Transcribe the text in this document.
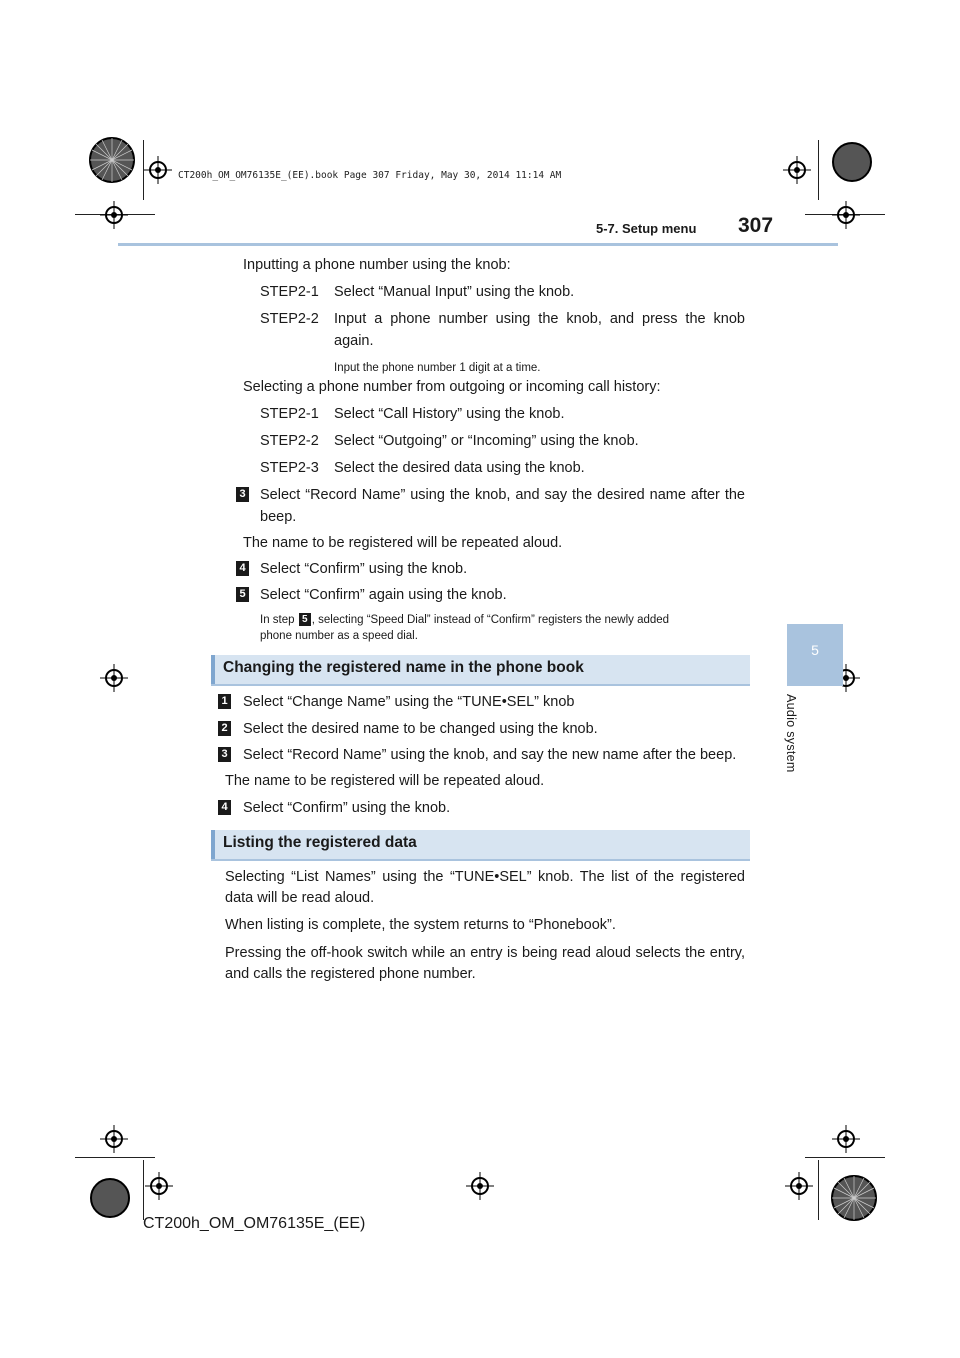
CT200h_OM_OM76135E_(EE).book Page 307 Friday, May 30, 2014 11:14 AM
5-7. Setup menu 307
5
Audio system
Inputting a phone number using the knob:
STEP2-1 Select “Manual Input” using the knob.
STEP2-2 Input a phone number using the knob, and press the knob
again.
Input the phone number 1 digit at a time.
Selecting a phone number from outgoing or incoming call history:
STEP2-1 Select “Call History” using the knob.
STEP2-2 Select “Outgoing” or “Incoming” using the knob.
STEP2-3 Select the desired data using the knob.
3 Select “Record Name” using the knob, and say the desired name after the
beep.
The name to be registered will be repeated aloud.
4 Select “Confirm” using the knob.
5 Select “Confirm” again using the knob.
In step 5 , selecting “Speed Dial” instead of “Confirm” registers the newly added
phone number as a speed dial.
Changing the registered name in the phone book
1 Select “Change Name” using the “TUNE•SEL” knob
2 Select the desired name to be changed using the knob.
3 Select “Record Name” using the knob, and say the new name after the beep.
The name to be registered will be repeated aloud.
4 Select “Confirm” using the knob.
Listing the registered data
Selecting “List Names” using the “TUNE•SEL” knob. The list of the registered data will be read aloud.
When listing is complete, the system returns to “Phonebook”.
Pressing the off-hook switch while an entry is being read aloud selects the entry, and calls the registered phone number.
CT200h_OM_OM76135E_(EE)
